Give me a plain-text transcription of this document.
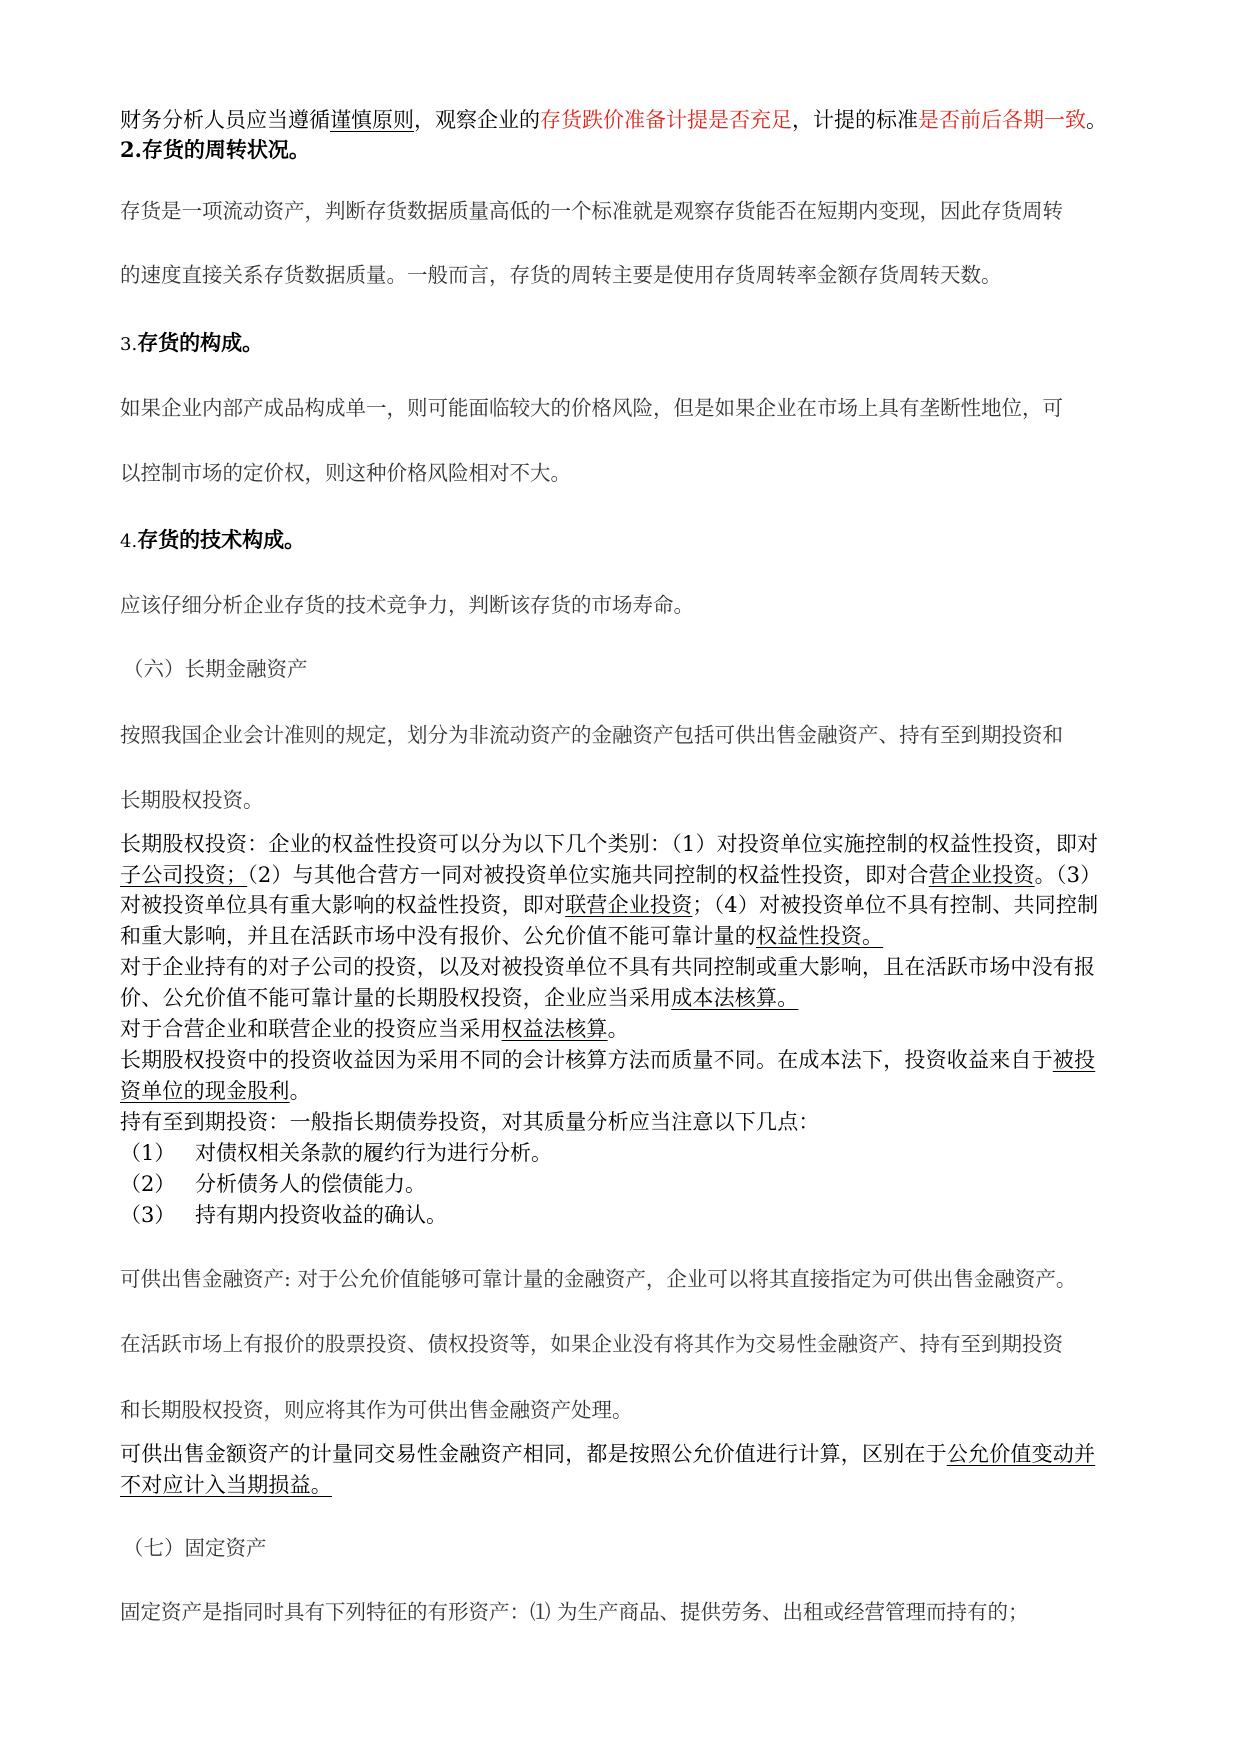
财务分析人员应当遵循谨慎原则，观察企业的存货跌价准备计提是否充足，计提的标准是否前后各期一致。
2.存货的周转状况。
存货是一项流动资产，判断存货数据质量高低的一个标准就是观察存货能否在短期内变现，因此存货周转
的速度直接关系存货数据质量。一般而言，存货的周转主要是使用存货周转率金额存货周转天数。
3.存货的构成。
如果企业内部产成品构成单一，则可能面临较大的价格风险，但是如果企业在市场上具有垄断性地位，可
以控制市场的定价权，则这种价格风险相对不大。
4.存货的技术构成。
应该仔细分析企业存货的技术竞争力，判断该存货的市场寿命。
（六）长期金融资产
按照我国企业会计准则的规定，划分为非流动资产的金融资产包括可供出售金融资产、持有至到期投资和
长期股权投资。
长期股权投资：企业的权益性投资可以分为以下几个类别：（1）对投资单位实施控制的权益性投资，即对
子公司投资；（2）与其他合营方一同对被投资单位实施共同控制的权益性投资，即对合营企业投资。（3）
对被投资单位具有重大影响的权益性投资，即对联营企业投资；（4）对被投资单位不具有控制、共同控制
和重大影响，并且在活跃市场中没有报价、公允价值不能可靠计量的权益性投资。
对于企业持有的对子公司的投资，以及对被投资单位不具有共同控制或重大影响，且在活跃市场中没有报
价、公允价值不能可靠计量的长期股权投资，企业应当采用成本法核算。
对于合营企业和联营企业的投资应当采用权益法核算。
长期股权投资中的投资收益因为采用不同的会计核算方法而质量不同。在成本法下，投资收益来自于被投
资单位的现金股利。
持有至到期投资：一般指长期债券投资，对其质量分析应当注意以下几点：
（1） 对债权相关条款的履约行为进行分析。
（2） 分析债务人的偿债能力。
（3） 持有期内投资收益的确认。
可供出售金融资产: 对于公允价值能够可靠计量的金融资产，企业可以将其直接指定为可供出售金融资产。
在活跃市场上有报价的股票投资、债权投资等，如果企业没有将其作为交易性金融资产、持有至到期投资
和长期股权投资，则应将其作为可供出售金融资产处理。
可供出售金额资产的计量同交易性金融资产相同，都是按照公允价值进行计算，区别在于公允价值变动并
不对应计入当期损益。
（七）固定资产
固定资产是指同时具有下列特征的有形资产：⑴ 为生产商品、提供劳务、出租或经营管理而持有的；
